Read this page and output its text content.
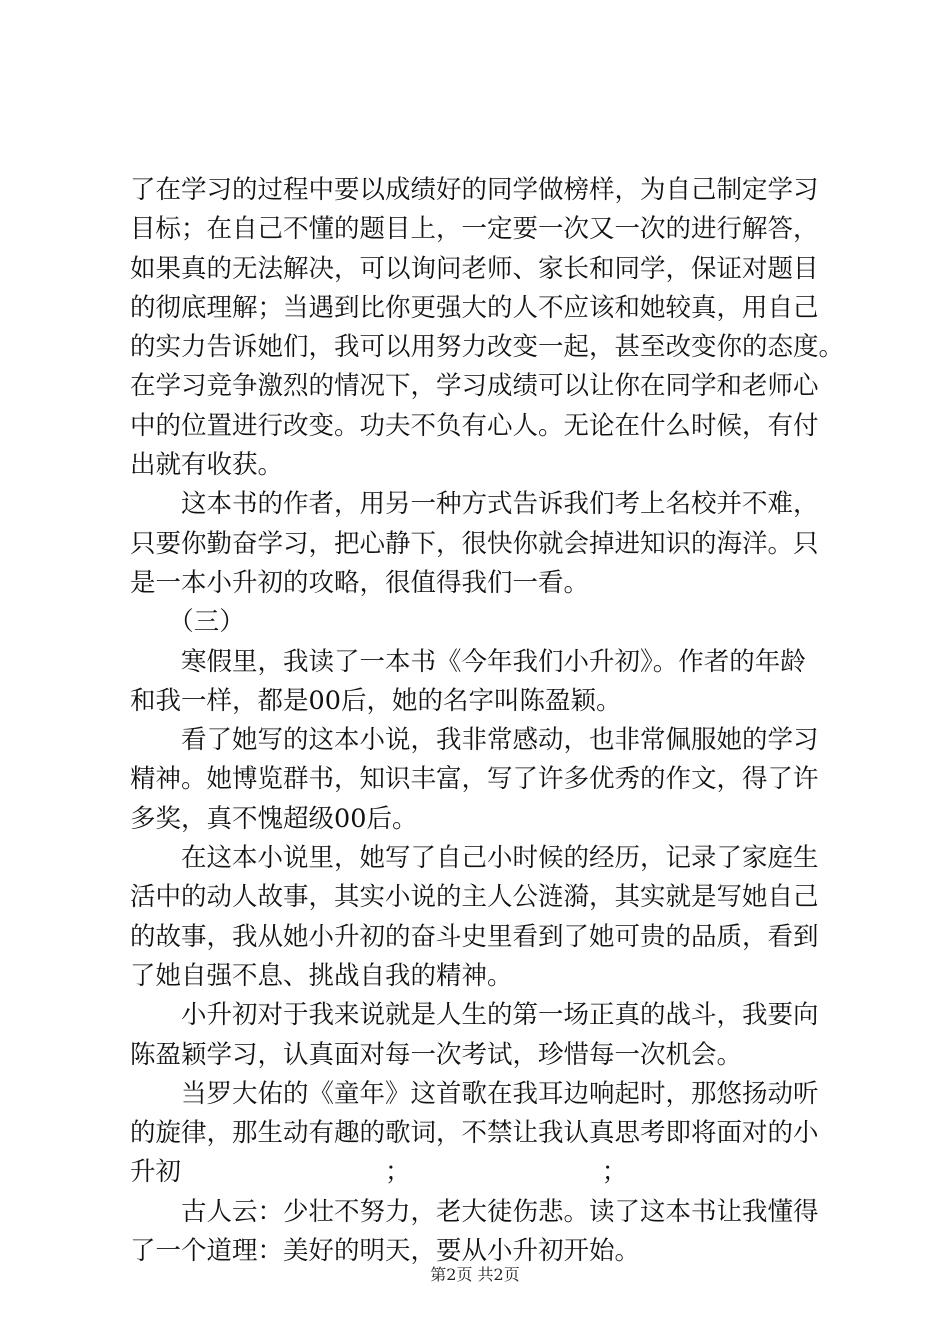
了在学习的过程中要以成绩好的同学做榜样，为自己制定学习
目标；在自己不懂的题目上，一定要一次又一次的进行解答，
如果真的无法解决，可以询问老师、家长和同学，保证对题目
的彻底理解；当遇到比你更强大的人不应该和她较真，用自己
的实力告诉她们，我可以用努力改变一起，甚至改变你的态度。
在学习竞争激烈的情况下，学习成绩可以让你在同学和老师心
中的位置进行改变。功夫不负有心人。无论在什么时候，有付
出就有收获。
　　这本书的作者，用另一种方式告诉我们考上名校并不难，
只要你勤奋学习，把心静下，很快你就会掉进知识的海洋。只
是一本小升初的攻略，很值得我们一看。
　　（三）
　　寒假里，我读了一本书《今年我们小升初》。作者的年龄
和我一样，都是00后，她的名字叫陈盈颖。
　　看了她写的这本小说，我非常感动，也非常佩服她的学习
精神。她博览群书，知识丰富，写了许多优秀的作文，得了许
多奖，真不愧超级00后。
　　在这本小说里，她写了自己小时候的经历，记录了家庭生
活中的动人故事，其实小说的主人公涟漪，其实就是写她自己
的故事，我从她小升初的奋斗史里看到了她可贵的品质，看到
了她自强不息、挑战自我的精神。
　　小升初对于我来说就是人生的第一场正真的战斗，我要向
陈盈颖学习，认真面对每一次考试，珍惜每一次机会。
　　当罗大佑的《童年》这首歌在我耳边响起时，那悠扬动听
的旋律，那生动有趣的歌词，不禁让我认真思考即将面对的小
升初　　　　　　　　；　　　　　　　　；
　　古人云：少壮不努力，老大徒伤悲。读了这本书让我懂得
了一个道理：美好的明天，要从小升初开始。
第2页 共2页
